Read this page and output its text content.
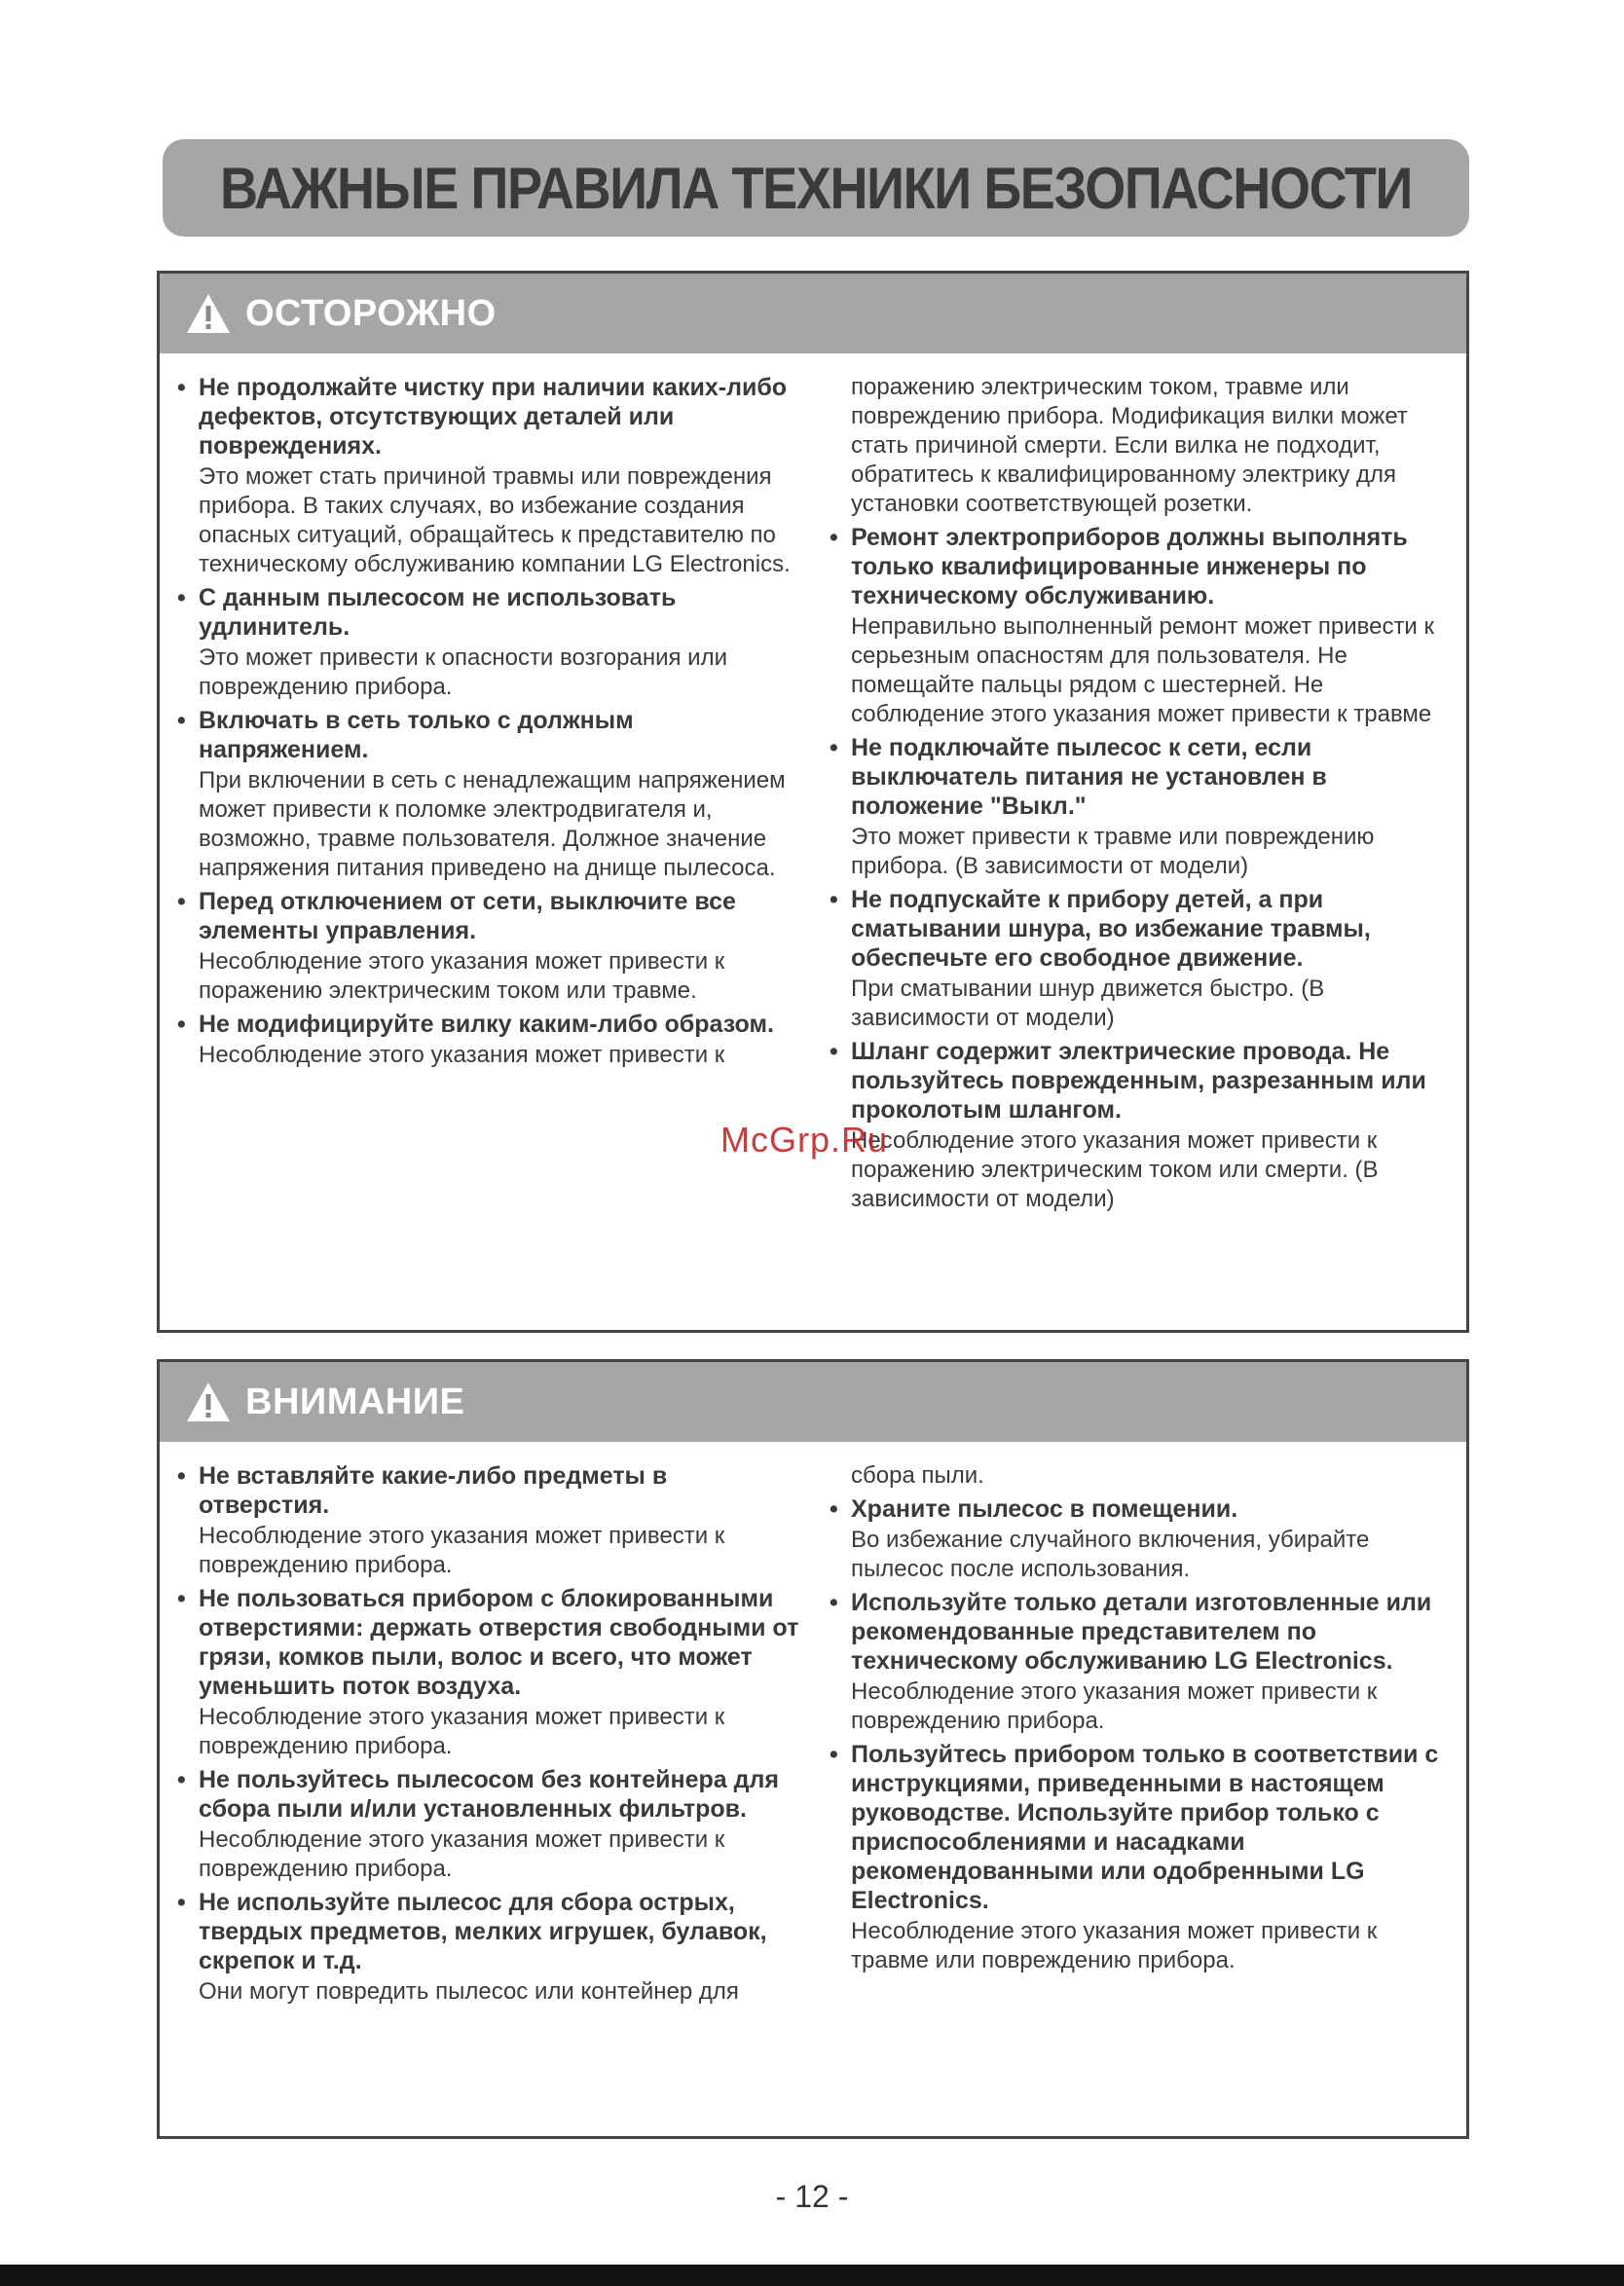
ВАЖНЫЕ ПРАВИЛА ТЕХНИКИ БЕЗОПАСНОСТИ
ОСТОРОЖНО
• Не продолжайте чистку при наличии каких-либо дефектов, отсутствующих деталей или повреждениях.
Это может стать причиной травмы или повреждения прибора. В таких случаях, во избежание создания опасных ситуаций, обращайтесь к представителю по техническому обслуживанию компании LG Electronics.
• С данным пылесосом не использовать удлинитель.
Это может привести к опасности возгорания или повреждению прибора.
• Включать в сеть только с должным напряжением.
При включении в сеть с ненадлежащим напряжением может привести к поломке электродвигателя и, возможно, травме пользователя. Должное значение напряжения питания приведено на днище пылесоса.
• Перед отключением от сети, выключите все элементы управления.
Несоблюдение этого указания может привести к поражению электрическим током или травме.
• Не модифицируйте вилку каким-либо образом.
Несоблюдение этого указания может привести к
поражению электрическим током, травме или повреждению прибора. Модификация вилки может стать причиной смерти. Если вилка не подходит, обратитесь к квалифицированному электрику для установки соответствующей розетки.
• Ремонт электроприборов должны выполнять только квалифицированные инженеры по техническому обслуживанию.
Неправильно выполненный ремонт может привести к серьезным опасностям для пользователя. Не помещайте пальцы рядом с шестерней. Не соблюдение этого указания может привести к травме
• Не подключайте пылесос к сети, если выключатель питания не установлен в положение "Выкл."
Это может привести к травме или повреждению прибора. (В зависимости от модели)
• Не подпускайте к прибору детей, а при сматывании шнура, во избежание травмы, обеспечьте его свободное движение.
При сматывании шнур движется быстро. (В зависимости от модели)
• Шланг содержит электрические провода. Не пользуйтесь поврежденным, разрезанным или проколотым шлангом.
Несоблюдение этого указания может привести к поражению электрическим током или смерти. (В зависимости от модели)
McGrp.Ru
ВНИМАНИЕ
• Не вставляйте какие-либо предметы в отверстия.
Несоблюдение этого указания может привести к повреждению прибора.
• Не пользоваться прибором с блокированными отверстиями: держать отверстия свободными от грязи, комков пыли, волос и всего, что может уменьшить поток воздуха.
Несоблюдение этого указания может привести к повреждению прибора.
• Не пользуйтесь пылесосом без контейнера для сбора пыли и/или установленных фильтров.
Несоблюдение этого указания может привести к повреждению прибора.
• Не используйте пылесос для сбора острых, твердых предметов, мелких игрушек, булавок, скрепок и т.д.
Они могут повредить пылесос или контейнер для
сбора пыли.
• Храните пылесос в помещении.
Во избежание случайного включения, убирайте пылесос после использования.
• Используйте только детали изготовленные или рекомендованные представителем по техническому обслуживанию LG Electronics.
Несоблюдение этого указания может привести к повреждению прибора.
• Пользуйтесь прибором только в соответствии с инструкциями, приведенными в настоящем руководстве. Используйте прибор только с приспособлениями и насадками рекомендованными или одобренными LG Electronics.
Несоблюдение этого указания может привести к травме или повреждению прибора.
- 12 -
